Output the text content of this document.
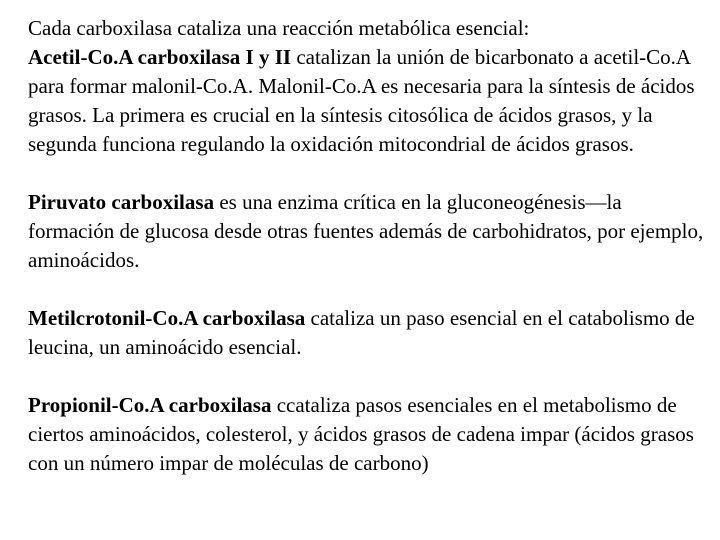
Cada carboxilasa cataliza una reacción metabólica esencial:
Acetil-Co.A carboxilasa I y II catalizan la unión de bicarbonato a acetil-Co.A para formar malonil-Co.A. Malonil-Co.A es necesaria para la síntesis de ácidos grasos. La primera es crucial en la síntesis citosólica de ácidos grasos, y la segunda funciona regulando la oxidación mitocondrial de ácidos grasos.

Piruvato carboxilasa es una enzima crítica en la gluconeogénesis—la formación de glucosa desde otras fuentes además de carbohidratos, por ejemplo, aminoácidos.

Metilcrotonil-Co.A carboxilasa cataliza un paso esencial en el catabolismo de leucina, un aminoácido esencial.

Propionil-Co.A carboxilasa ccataliza pasos esenciales en el metabolismo de ciertos aminoácidos, colesterol, y ácidos grasos de cadena impar (ácidos grasos con un número impar de moléculas de carbono)
